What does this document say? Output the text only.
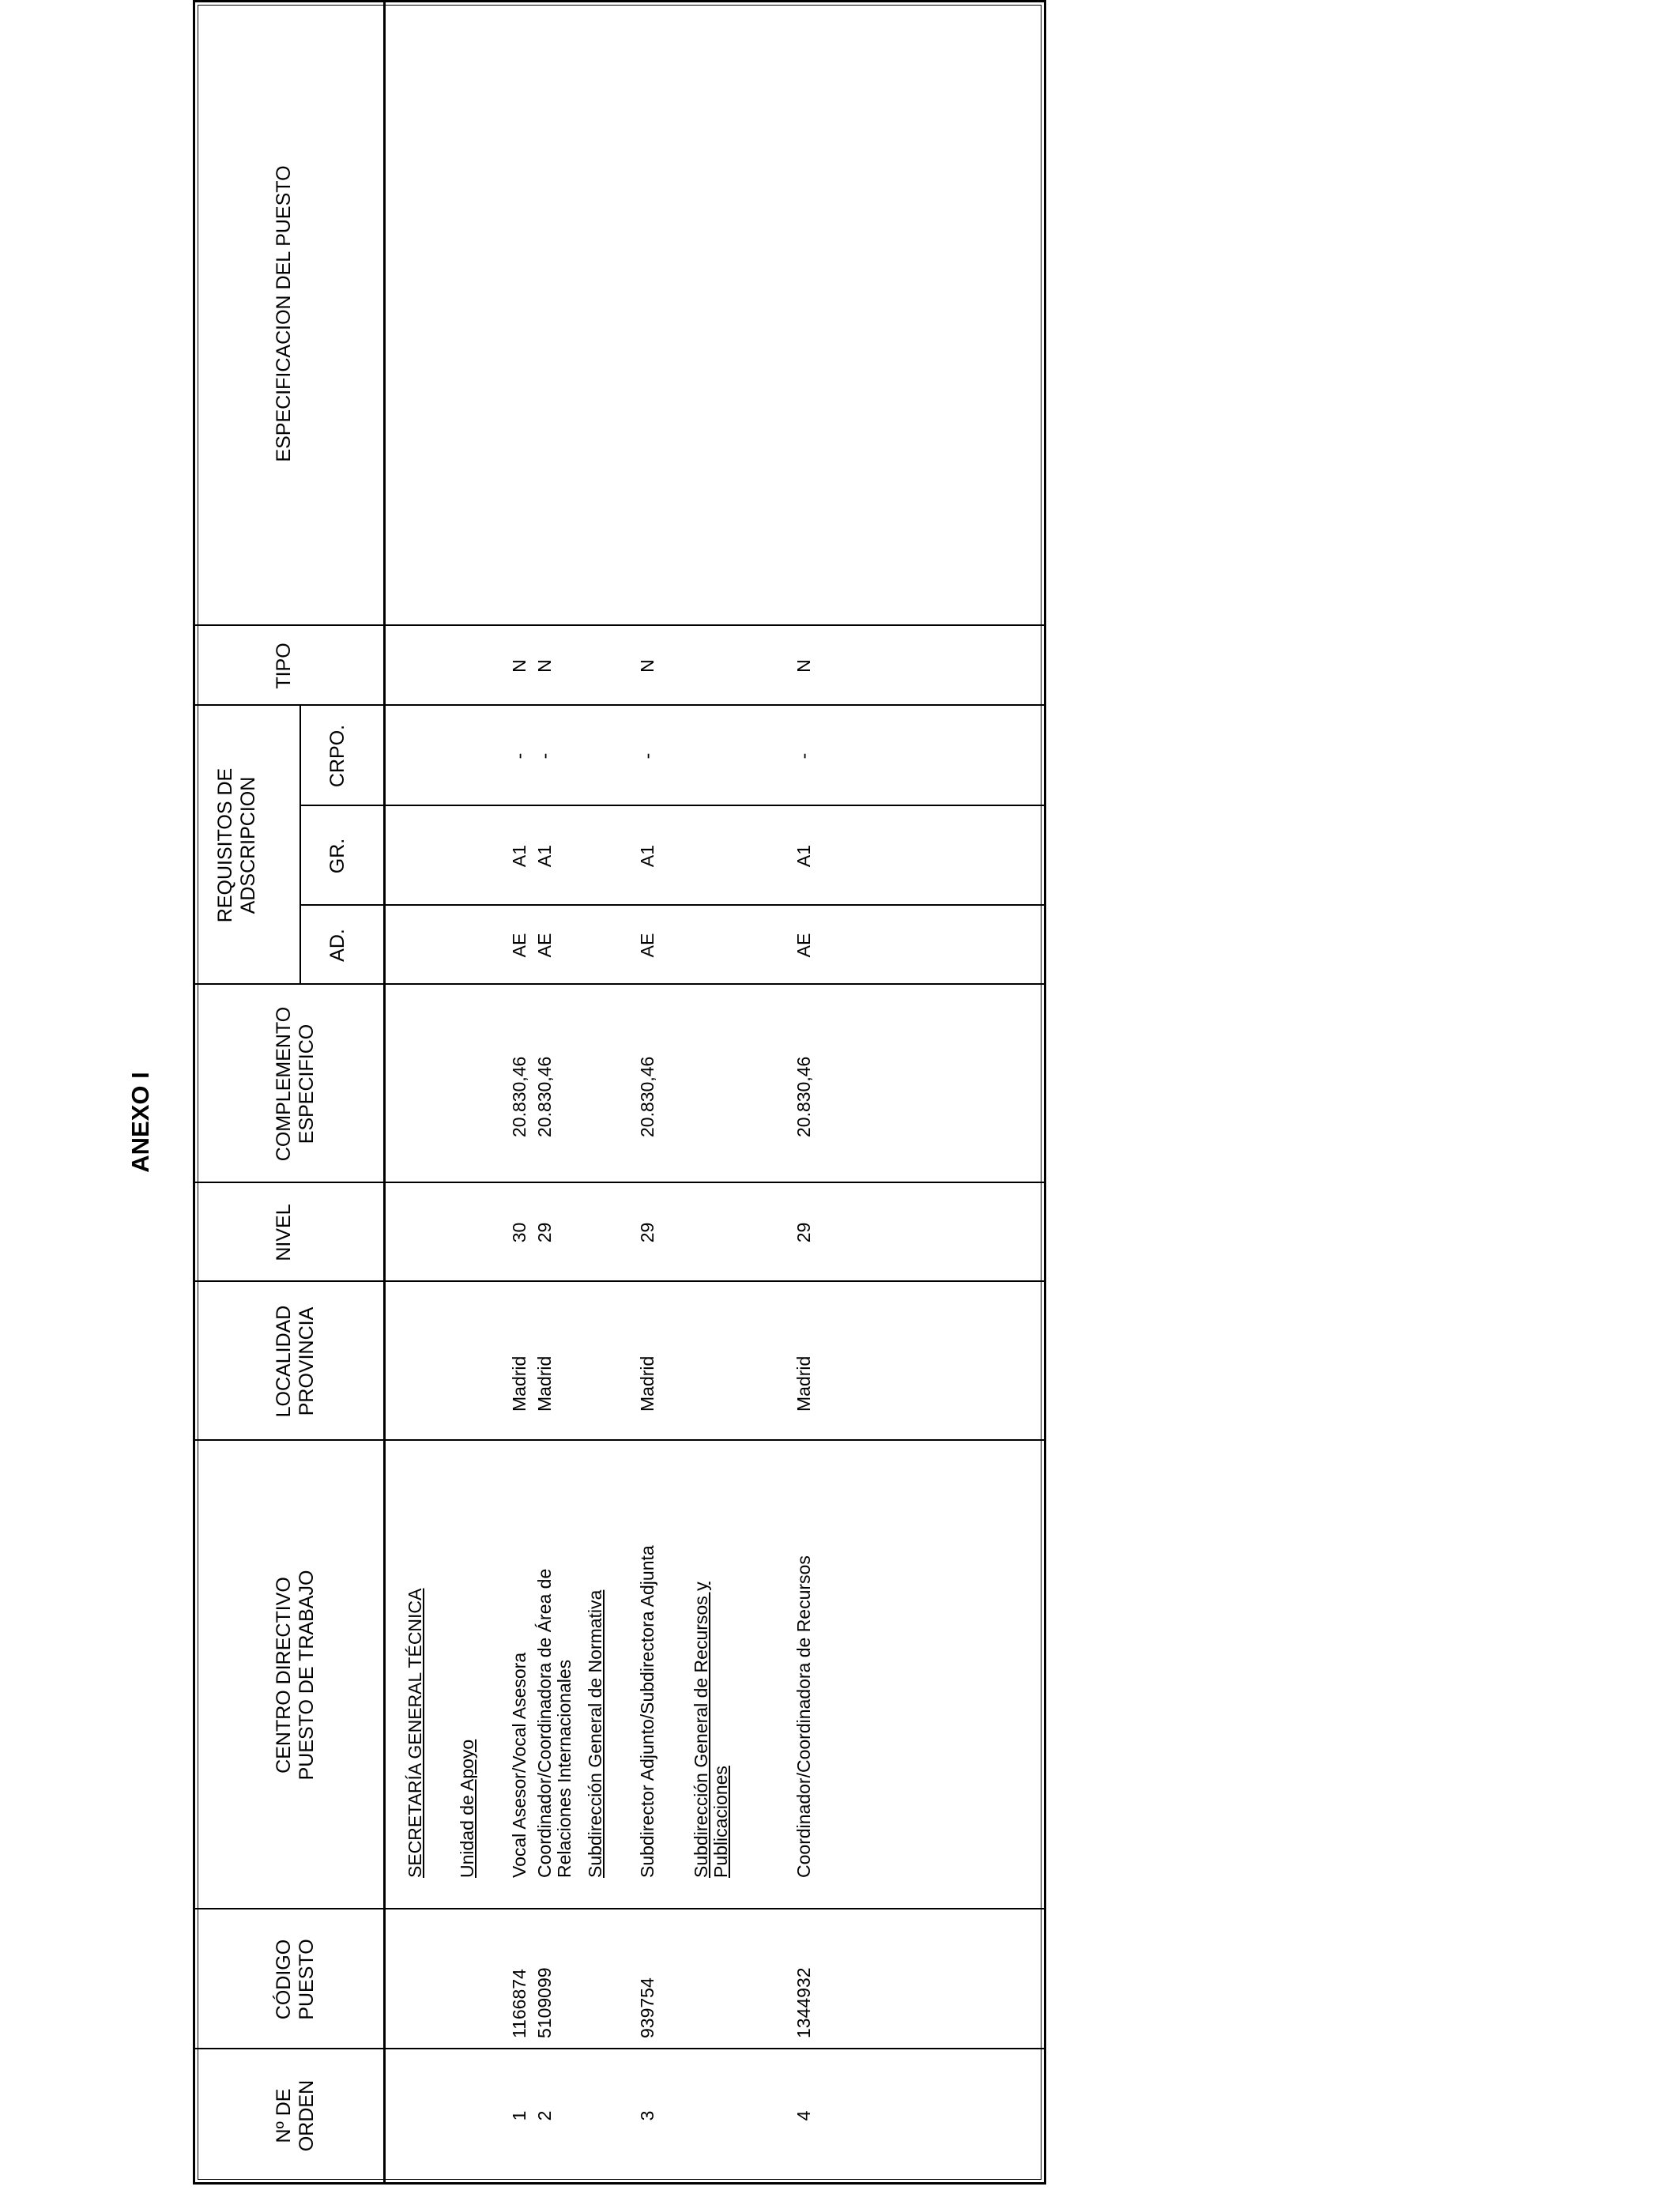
ANEXO I
Nº DE ORDEN
CÓDIGO PUESTO
CENTRO DIRECTIVO PUESTO DE TRABAJO
LOCALIDAD PROVINCIA
NIVEL
COMPLEMENTO ESPECIFICO
REQUISITOS DE ADSCRIPCION
AD.
GR.
CRPO.
TIPO
ESPECIFICACION DEL PUESTO
SECRETARÍA GENERAL TÉCNICA Unidad de Apoyo	Subdirección General de Normativa	Subdirección General de Recursos y Publicaciones
1
1166874
Vocal Asesor/Vocal Asesora
Madrid
30
20.830,46
AE
A1
-
N
2
5109099
Coordinador/Coordinadora de Área de Relaciones Internacionales
Madrid
29
20.830,46
AE
A1
-
N
3
939754
Subdirector Adjunto/Subdirectora Adjunta
Madrid
29
20.830,46
AE
A1
-
N
4
1344932
Coordinador/Coordinadora de Recursos
Madrid
29
20.830,46
AE
A1
-
N
